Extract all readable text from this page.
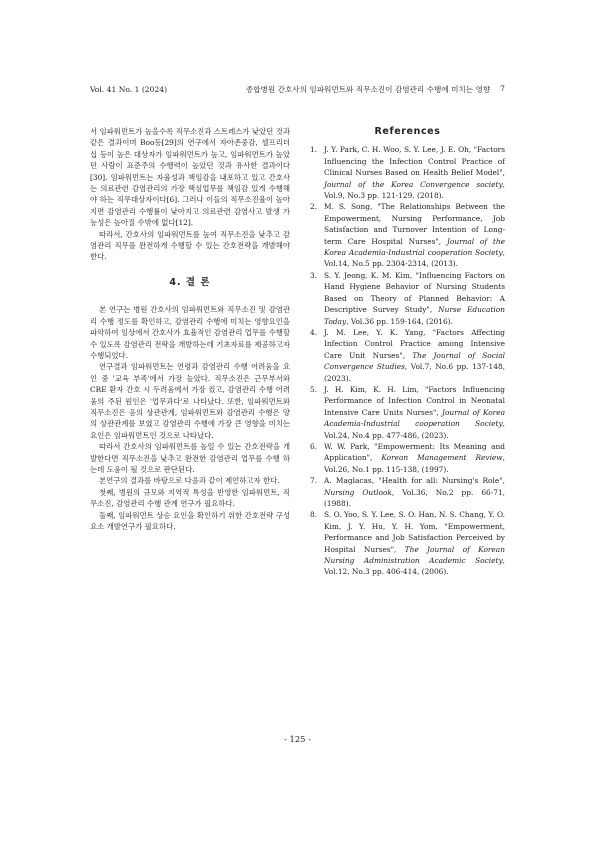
Vol. 41 No. 1 (2024)	종합병원 간호사의 임파워먼트와 직무소진이 감염관리 수행에 미치는 영향 7

서 임파워먼트가 높을수록 직무소진과 스트레스가 낮았던 것과 같은 결과이며 Boo등[29]의 연구에서 자아존중감, 셀프리더십 등이 높은 대상자가 임파워먼트가 높고, 임파워먼트가 높았던 사람이 표준주의 수행력이 높았던 것과 유사한 결과이다[30]. 임파워먼트는 자율성과 책임감을 내포하고 있고 간호사는 의료관련 감염관리의 가장 핵심업무를 책임감 있게 수행해야 하는 직무대상자이다[6]. 그러나 이들의 직무소진율이 높아지면 감염관리 수행률이 낮아지고 의료관련 감염사고 발생 가능성은 높아질 수밖에 없다[12].

따라서, 간호사의 임파워먼트를 높여 직무소진을 낮추고 감염관리 직무를 완전하게 수행할 수 있는 간호전략을 개발해야 한다.

4. 결 론

본 연구는 병원 간호사의 임파워먼트와 직무소진 및 감염관리 수행 정도를 확인하고, 감염관리 수행에 미치는 영향요인을 파악하여 임상에서 간호사가 효율적인 감염관리 업무를 수행할 수 있도록 감염관리 전략을 개발하는데 기초자료를 제공하고자 수행되었다.

연구결과 임파워먼트는 연령과 감염관리 수행 어려움을 요인 중 '교육 부족'에서 가장 높았다. 직무소진은 근무부서와 CRE 환자 간호 시 두려움에서 가장 컸고, 감염관리 수행 어려움의 주된 원인은 '업무과다'로 나타났다. 또한, 임파워먼트와 직무소진은 음의 상관관계, 임파워먼트와 감염관리 수행은 양의 상관관계를 보였고 감염관리 수행에 가장 큰 영향을 미치는 요인은 임파워먼트인 것으로 나타났다.

따라서 간호사의 임파워먼트를 높일 수 있는 간호전략을 개발한다면 직무소진을 낮추고 완전한 감염관리 업무를 수행 하는데 도움이 될 것으로 판단된다.

본연구의 결과를 바탕으로 다음과 같이 제언하고자 한다.

첫째, 병원의 규모와 지역적 특성을 반영한 임파워먼트, 직무소진, 감염관리 수행 관계 연구가 필요하다.

둘째, 임파워먼트 상승 요인을 확인하기 위한 간호전략 구성 요소 개발연구가 필요하다.

References
1. J. Y. Park, C. H. Woo, S. Y. Lee, J. E. Oh, "Factors Influencing the Infection Control Practice of Clinical Nurses Based on Health Belief Model", Journal of the Korea Convergence society, Vol.9, No.3 pp. 121-129, (2018).
2. M. S. Song, "The Relationships Between the Empowerment, Nursing Performance, Job Satisfaction and Turnover Intention of Long-term Care Hospital Nurses", Journal of the Korea Academia-Industrial cooperation Society, Vol.14, No.5 pp. 2304-2314, (2013).
3. S. Y. Jeong, K. M. Kim, "Influencing Factors on Hand Hygiene Behavior of Nursing Students Based on Theory of Planned Behavior: A Descriptive Survey Study", Nurse Education Today, Vol.36 pp. 159-164, (2016).
4. J. M. Lee, Y. K. Yang, "Factors Affecting Infection Control Practice among Intensive Care Unit Nurses", The Journal of Social Convergence Studies, Vol.7, No.6 pp. 137-148, (2023).
5. J. H. Kim, K. H. Lim, "Factors Influencing Performance of Infection Control in Neonatal Intensive Care Units Nurses", Journal of Korea Academia-Industrial cooperation Society, Vol.24, No.4 pp. 477-486, (2023).
6. W. W. Park, "Empowerment: Its Meaning and Application", Korean Management Review, Vol.26, No.1 pp. 115-138, (1997).
7. A. Maglacas, "Health for all: Nursing's Role", Nursing Outlook, Vol.36, No.2 pp. 66-71, (1988).
8. S. O. Yoo, S. Y. Lee, S. O. Han, N. S. Chang, Y. O. Kim, J. Y. Hu, Y. H. Yom, "Empowerment, Performance and Job Satisfaction Perceived by Hospital Nurses", The Journal of Korean Nursing Administration Academic Society, Vol.12, No.3 pp. 406-414, (2006).
- 125 -
